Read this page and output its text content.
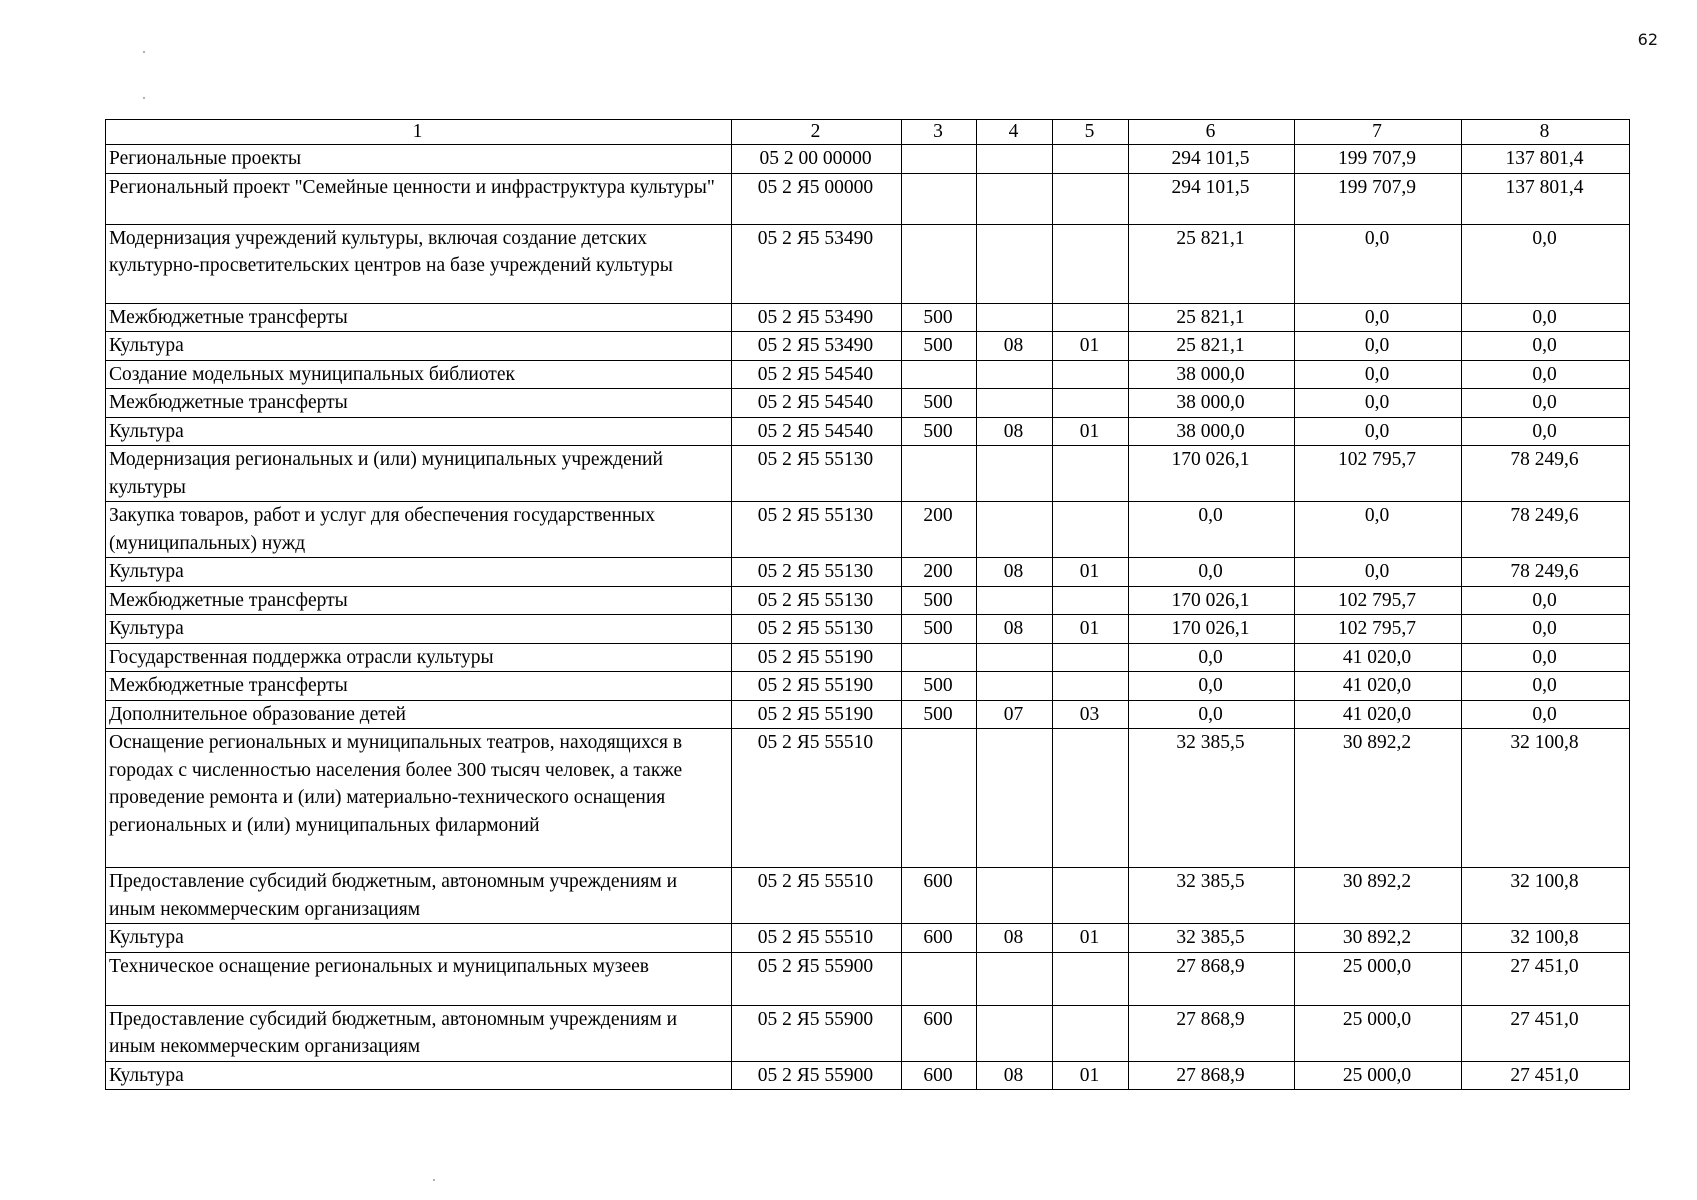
62
1	2	3	4	5	6	7	8
Региональные проекты	05 2 00 00000				294 101,5	199 707,9	137 801,4
Региональный проект "Семейные ценности и инфраструктура культуры"	05 2 Я5 00000				294 101,5	199 707,9	137 801,4
Модернизация учреждений культуры, включая создание детских культурно-просветительских центров на базе учреждений культуры	05 2 Я5 53490				25 821,1	0,0	0,0
Межбюджетные трансферты	05 2 Я5 53490	500			25 821,1	0,0	0,0
Культура	05 2 Я5 53490	500	08	01	25 821,1	0,0	0,0
Создание модельных муниципальных библиотек	05 2 Я5 54540				38 000,0	0,0	0,0
Межбюджетные трансферты	05 2 Я5 54540	500			38 000,0	0,0	0,0
Культура	05 2 Я5 54540	500	08	01	38 000,0	0,0	0,0
Модернизация региональных и (или) муниципальных учреждений культуры	05 2 Я5 55130				170 026,1	102 795,7	78 249,6
Закупка товаров, работ и услуг для обеспечения государственных (муниципальных) нужд	05 2 Я5 55130	200			0,0	0,0	78 249,6
Культура	05 2 Я5 55130	200	08	01	0,0	0,0	78 249,6
Межбюджетные трансферты	05 2 Я5 55130	500			170 026,1	102 795,7	0,0
Культура	05 2 Я5 55130	500	08	01	170 026,1	102 795,7	0,0
Государственная поддержка отрасли культуры	05 2 Я5 55190				0,0	41 020,0	0,0
Межбюджетные трансферты	05 2 Я5 55190	500			0,0	41 020,0	0,0
Дополнительное образование детей	05 2 Я5 55190	500	07	03	0,0	41 020,0	0,0
Оснащение региональных и муниципальных театров, находящихся в городах с численностью населения более 300 тысяч человек, а также проведение ремонта и (или) материально-технического оснащения региональных и (или) муниципальных филармоний	05 2 Я5 55510				32 385,5	30 892,2	32 100,8
Предоставление субсидий бюджетным, автономным учреждениям и иным некоммерческим организациям	05 2 Я5 55510	600			32 385,5	30 892,2	32 100,8
Культура	05 2 Я5 55510	600	08	01	32 385,5	30 892,2	32 100,8
Техническое оснащение региональных и муниципальных музеев	05 2 Я5 55900				27 868,9	25 000,0	27 451,0
Предоставление субсидий бюджетным, автономным учреждениям и иным некоммерческим организациям	05 2 Я5 55900	600			27 868,9	25 000,0	27 451,0
Культура	05 2 Я5 55900	600	08	01	27 868,9	25 000,0	27 451,0
